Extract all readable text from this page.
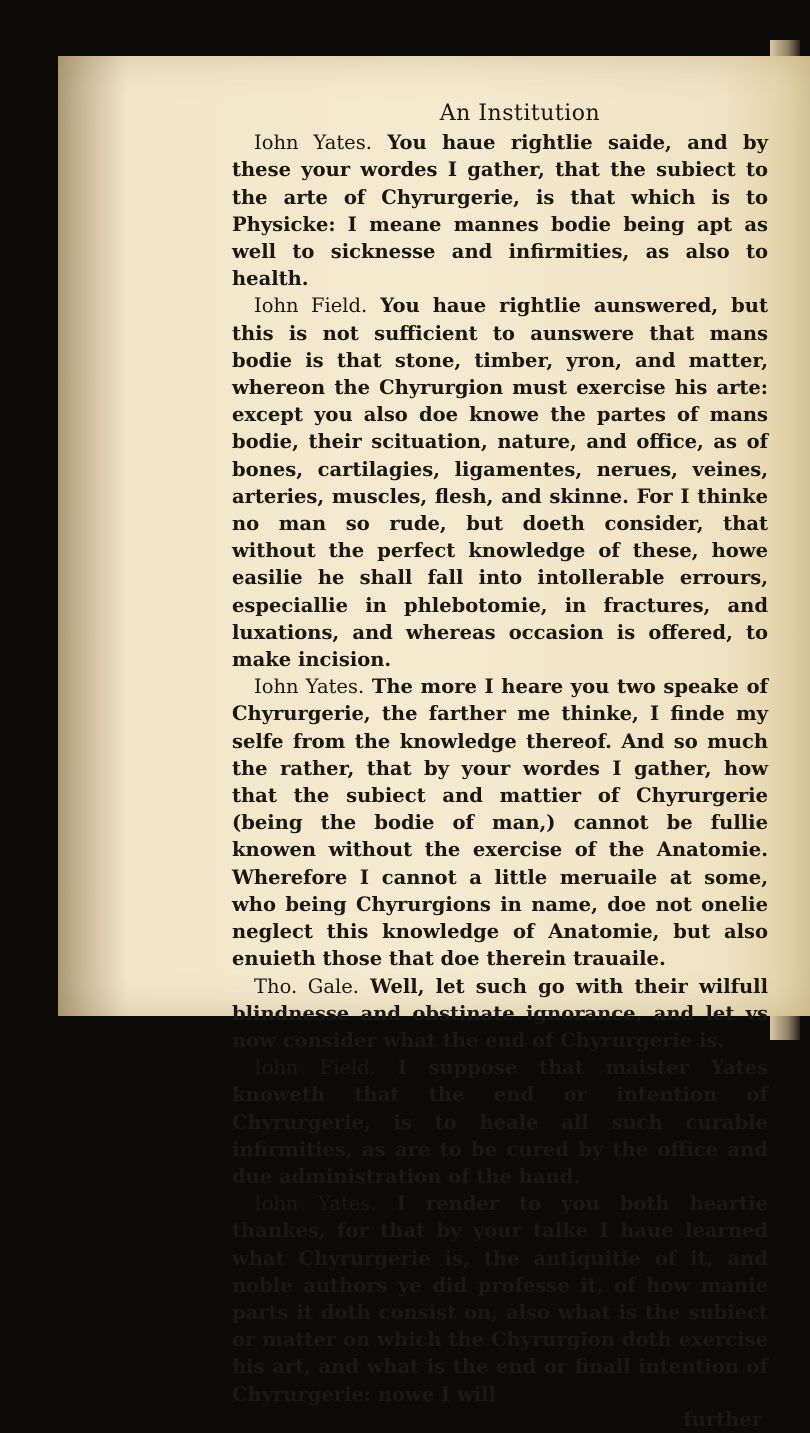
An Institution

Iohn Yates. You haue rightlie saide, and by these your wordes I gather, that the subiect to the arte of Chyrurgerie, is that which is to Physicke: I meane mannes bodie being apt as well to sicknesse and infirmities, as also to health.

Iohn Field. You haue rightlie aunswered, but this is not sufficient to aunswere that mans bodie is that stone, timber, yron, and matter, whereon the Chyrurgion must exercise his arte: except you also doe knowe the partes of mans bodie, their scituation, nature, and office, as of bones, cartilagies, ligamentes, nerues, veines, arteries, muscles, flesh, and skinne. For I thinke no man so rude, but doeth consider, that without the perfect knowledge of these, howe easilie he shall fall into intollerable errours, especiallie in phlebotomie, in fractures, and luxations, and whereas occasion is offered, to make incision.

Iohn Yates. The more I heare you two speake of Chyrurgerie, the farther me thinke, I finde my selfe from the knowledge thereof. And so much the rather, that by your wordes I gather, how that the subiect and mattier of Chyrurgerie (being the bodie of man,) cannot be fullie knowen without the exercise of the Anatomie. Wherefore I cannot a little meruaile at some, who being Chyrurgions in name, doe not onelie neglect this knowledge of Anatomie, but also enuieth those that doe therein trauaile.

Tho. Gale. Well, let such go with their wilfull blindnesse and obstinate ignorance, and let vs now consider what the end of Chyrurgerie is.

Iohn Field. I suppose that maister Yates knoweth that the end or intention of Chyrurgerie, is to heale all such curable infirmities, as are to be cured by the office and due administration of the hand.

Iohn Yates. I render to you both heartie thankes, for that by your talke I haue learned what Chyrurgerie is, the antiquitie of it, and noble authors ye did professe it, of how manie parts it doth consist on, also what is the subiect or matter on which the Chyrurgion doth exercise his art, and what is the end or finall intention of Chyrurgerie: nowe I will

further
